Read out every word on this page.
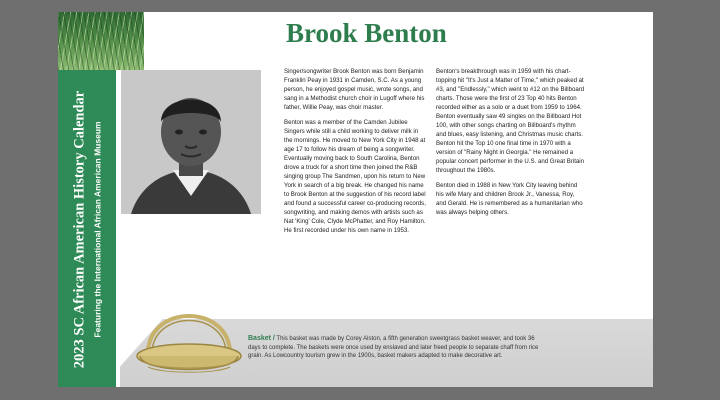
2023 SC African American History Calendar Featuring the International African American Museum
Brook Benton

Singer/songwriter Brook Benton was born Benjamin Franklin Peay in 1931 in Camden, S.C. As a young person, he enjoyed gospel music, wrote songs, and sang in a Methodist church choir in Lugoff where his father, Willie Peay, was choir master.

Benton was a member of the Camden Jubilee Singers while still a child working to deliver milk in the mornings. He moved to New York City in 1948 at age 17 to follow his dream of being a songwriter. Eventually moving back to South Carolina, Benton drove a truck for a short time then joined the R&B singing group The Sandmen, upon his return to New York in search of a big break. He changed his name to Brook Benton at the suggestion of his record label and found a successful career co-producing records, songwriting, and making demos with artists such as Nat 'King' Cole, Clyde McPhatter, and Roy Hamilton. He first recorded under his own name in 1953.

Benton's breakthrough was in 1959 with his chart-topping hit "It's Just a Matter of Time," which peaked at #3, and "Endlessly," which went to #12 on the Billboard charts. Those were the first of 23 Top 40 hits Benton recorded either as a solo or a duet from 1959 to 1964. Benton eventually saw 49 singles on the Billboard Hot 100, with other songs charting on Billboard's rhythm and blues, easy listening, and Christmas music charts. Benton hit the Top 10 one final time in 1970 with a version of "Rainy Night in Georgia." He remained a popular concert performer in the U.S. and Great Britain throughout the 1980s.

Benton died in 1988 in New York City leaving behind his wife Mary and children Brook Jr., Vanessa, Roy, and Gerald. He is remembered as a humanitarian who was always helping others.

Basket / This basket was made by Corey Alston, a fifth generation sweetgrass basket weaver, and took 36 days to complete. The baskets were once used by enslaved and later freed people to separate chaff from rice grain. As Lowcountry tourism grew in the 1900s, basket makers adapted to make decorative art.
